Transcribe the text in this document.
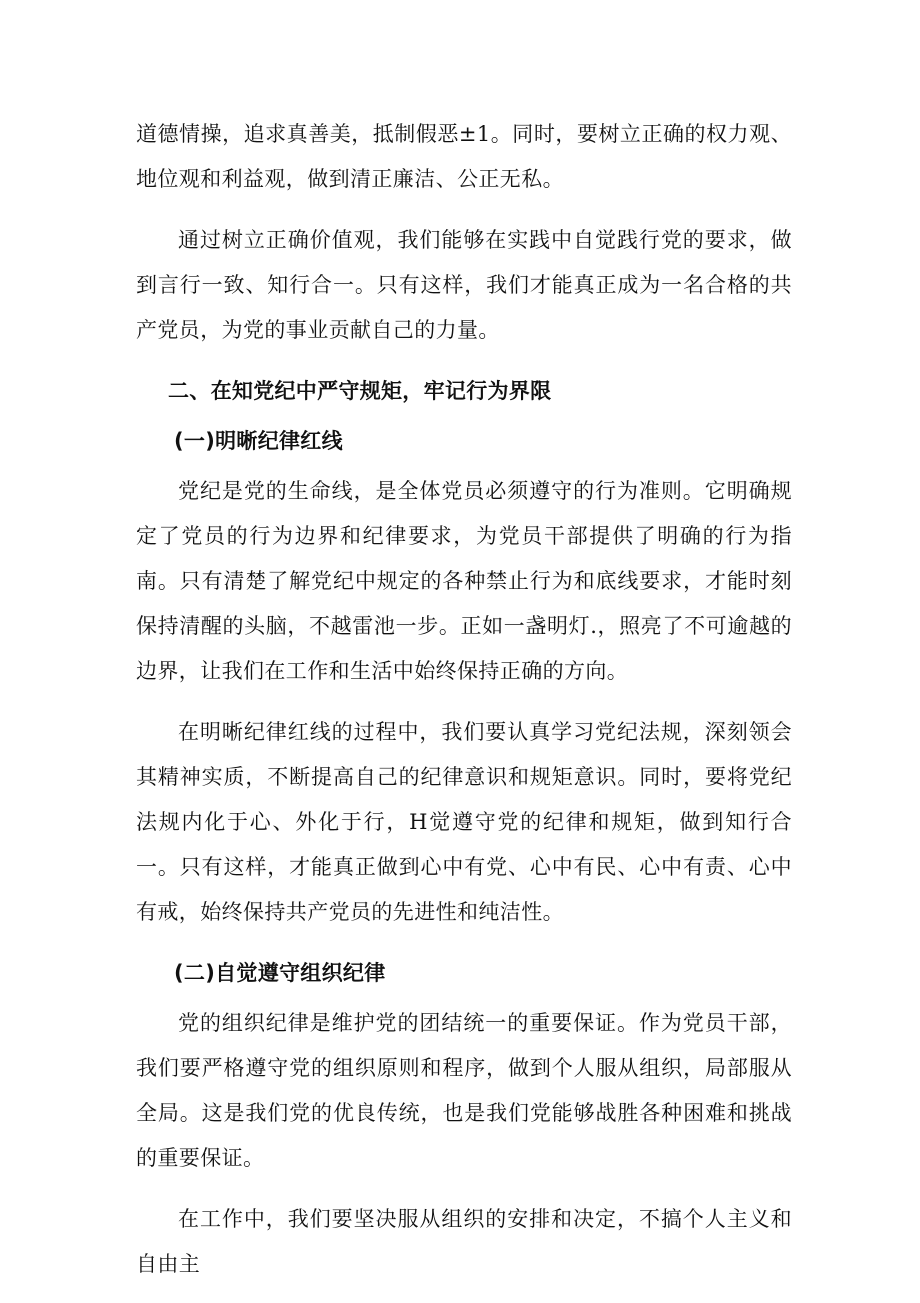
道德情操，追求真善美，抵制假恶±1。同时，要树立正确的权力观、地位观和利益观，做到清正廉洁、公正无私。

通过树立正确价值观，我们能够在实践中自觉践行党的要求，做到言行一致、知行合一。只有这样，我们才能真正成为一名合格的共产党员，为党的事业贡献自己的力量。

二、在知党纪中严守规矩，牢记行为界限
(一)明晰纪律红线

党纪是党的生命线，是全体党员必须遵守的行为准则。它明确规定了党员的行为边界和纪律要求，为党员干部提供了明确的行为指南。只有清楚了解党纪中规定的各种禁止行为和底线要求，才能时刻保持清醒的头脑，不越雷池一步。正如一盏明灯.，照亮了不可逾越的边界，让我们在工作和生活中始终保持正确的方向。

在明晰纪律红线的过程中，我们要认真学习党纪法规，深刻领会其精神实质，不断提高自己的纪律意识和规矩意识。同时，要将党纪法规内化于心、外化于行，H觉遵守党的纪律和规矩，做到知行合一。只有这样，才能真正做到心中有党、心中有民、心中有责、心中有戒，始终保持共产党员的先进性和纯洁性。

(二)自觉遵守组织纪律

党的组织纪律是维护党的团结统一的重要保证。作为党员干部，我们要严格遵守党的组织原则和程序，做到个人服从组织，局部服从全局。这是我们党的优良传统，也是我们党能够战胜各种困难和挑战的重要保证。

在工作中，我们要坚决服从组织的安排和决定，不搞个人主义和自由主
